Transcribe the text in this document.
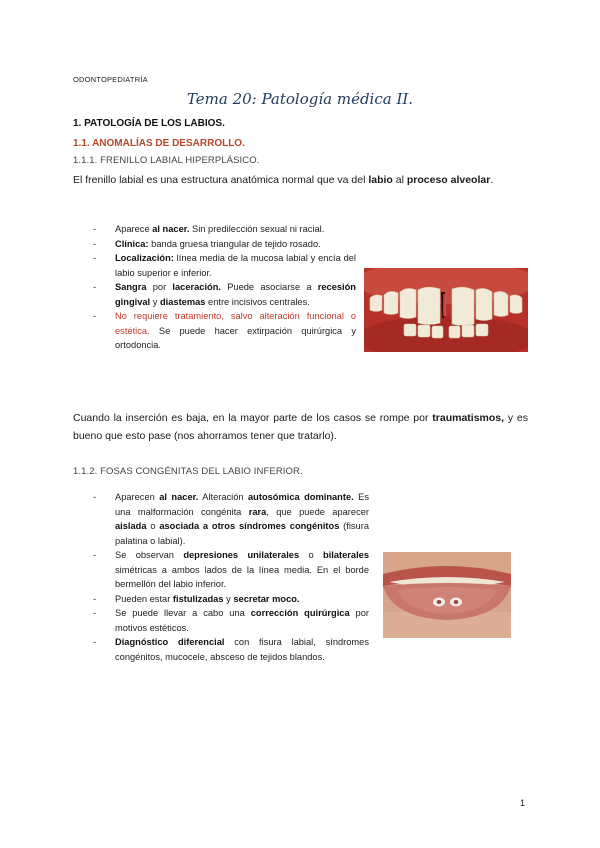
ODONTOPEDIATRÍA
Tema 20: Patología médica II.
1. PATOLOGÍA DE LOS LABIOS.
1.1. ANOMALÍAS DE DESARROLLO.
1.1.1. FRENILLO LABIAL HIPERPLÁSICO.

El frenillo labial es una estructura anatómica normal que va del labio al proceso alveolar.

- Aparece al nacer. Sin predilección sexual ni racial.
- Clínica: banda gruesa triangular de tejido rosado.
- Localización: línea media de la mucosa labial y encía del labio superior e inferior.
- Sangra por laceración. Puede asociarse a recesión gingival y diastemas entre incisivos centrales.
- No requiere tratamiento, salvo alteración funcional o estética. Se puede hacer extirpación quirúrgica y ortodoncia.

Cuando la inserción es baja, en la mayor parte de los casos se rompe por traumatismos, y es bueno que esto pase (nos ahorramos tener que tratarlo).

1.1.2. FOSAS CONGÉNITAS DEL LABIO INFERIOR.
- Aparecen al nacer. Alteración autosómica dominante. Es una malformación congénita rara, que puede aparecer aislada o asociada a otros síndromes congénitos (fisura palatina o labial).
- Se observan depresiones unilaterales o bilaterales simétricas a ambos lados de la línea media. En el borde bermellón del labio inferior.
- Pueden estar fistulizadas y secretar moco.
- Se puede llevar a cabo una corrección quirúrgica por motivos estéticos.
- Diagnóstico diferencial con fisura labial, síndromes congénitos, mucocele, absceso de tejidos blandos.
1
